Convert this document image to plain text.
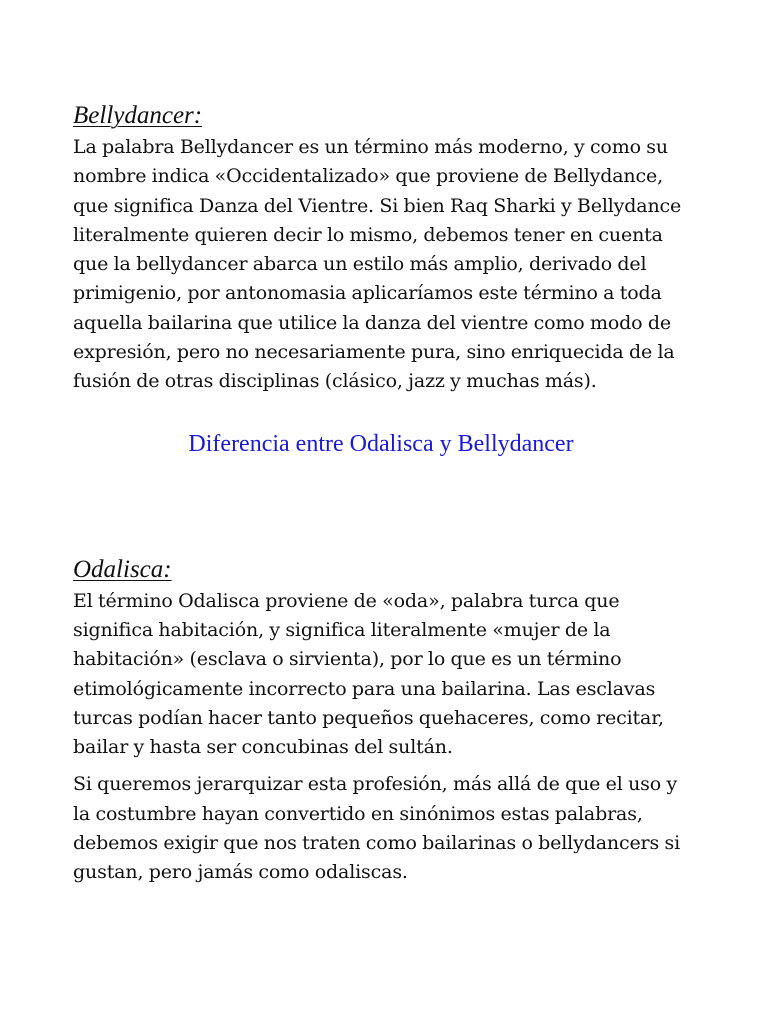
Bellydancer:

La palabra Bellydancer es un término más moderno, y como su nombre indica «Occidentalizado» que proviene de Bellydance, que significa Danza del Vientre. Si bien Raq Sharki y Bellydance literalmente quieren decir lo mismo, debemos tener en cuenta que la bellydancer abarca un estilo más amplio, derivado del primigenio, por antonomasia aplicaríamos este término a toda aquella bailarina que utilice la danza del vientre como modo de expresión, pero no necesariamente pura, sino enriquecida de la fusión de otras disciplinas (clásico, jazz y muchas más).

Diferencia entre Odalisca y Bellydancer

Odalisca:

El término Odalisca proviene de «oda», palabra turca que significa habitación, y significa literalmente «mujer de la habitación» (esclava o sirvienta), por lo que es un término etimológicamente incorrecto para una bailarina. Las esclavas turcas podían hacer tanto pequeños quehaceres, como recitar, bailar y hasta ser concubinas del sultán.

Si queremos jerarquizar esta profesión, más allá de que el uso y la costumbre hayan convertido en sinónimos estas palabras, debemos exigir que nos traten como bailarinas o bellydancers si gustan, pero jamás como odaliscas.
